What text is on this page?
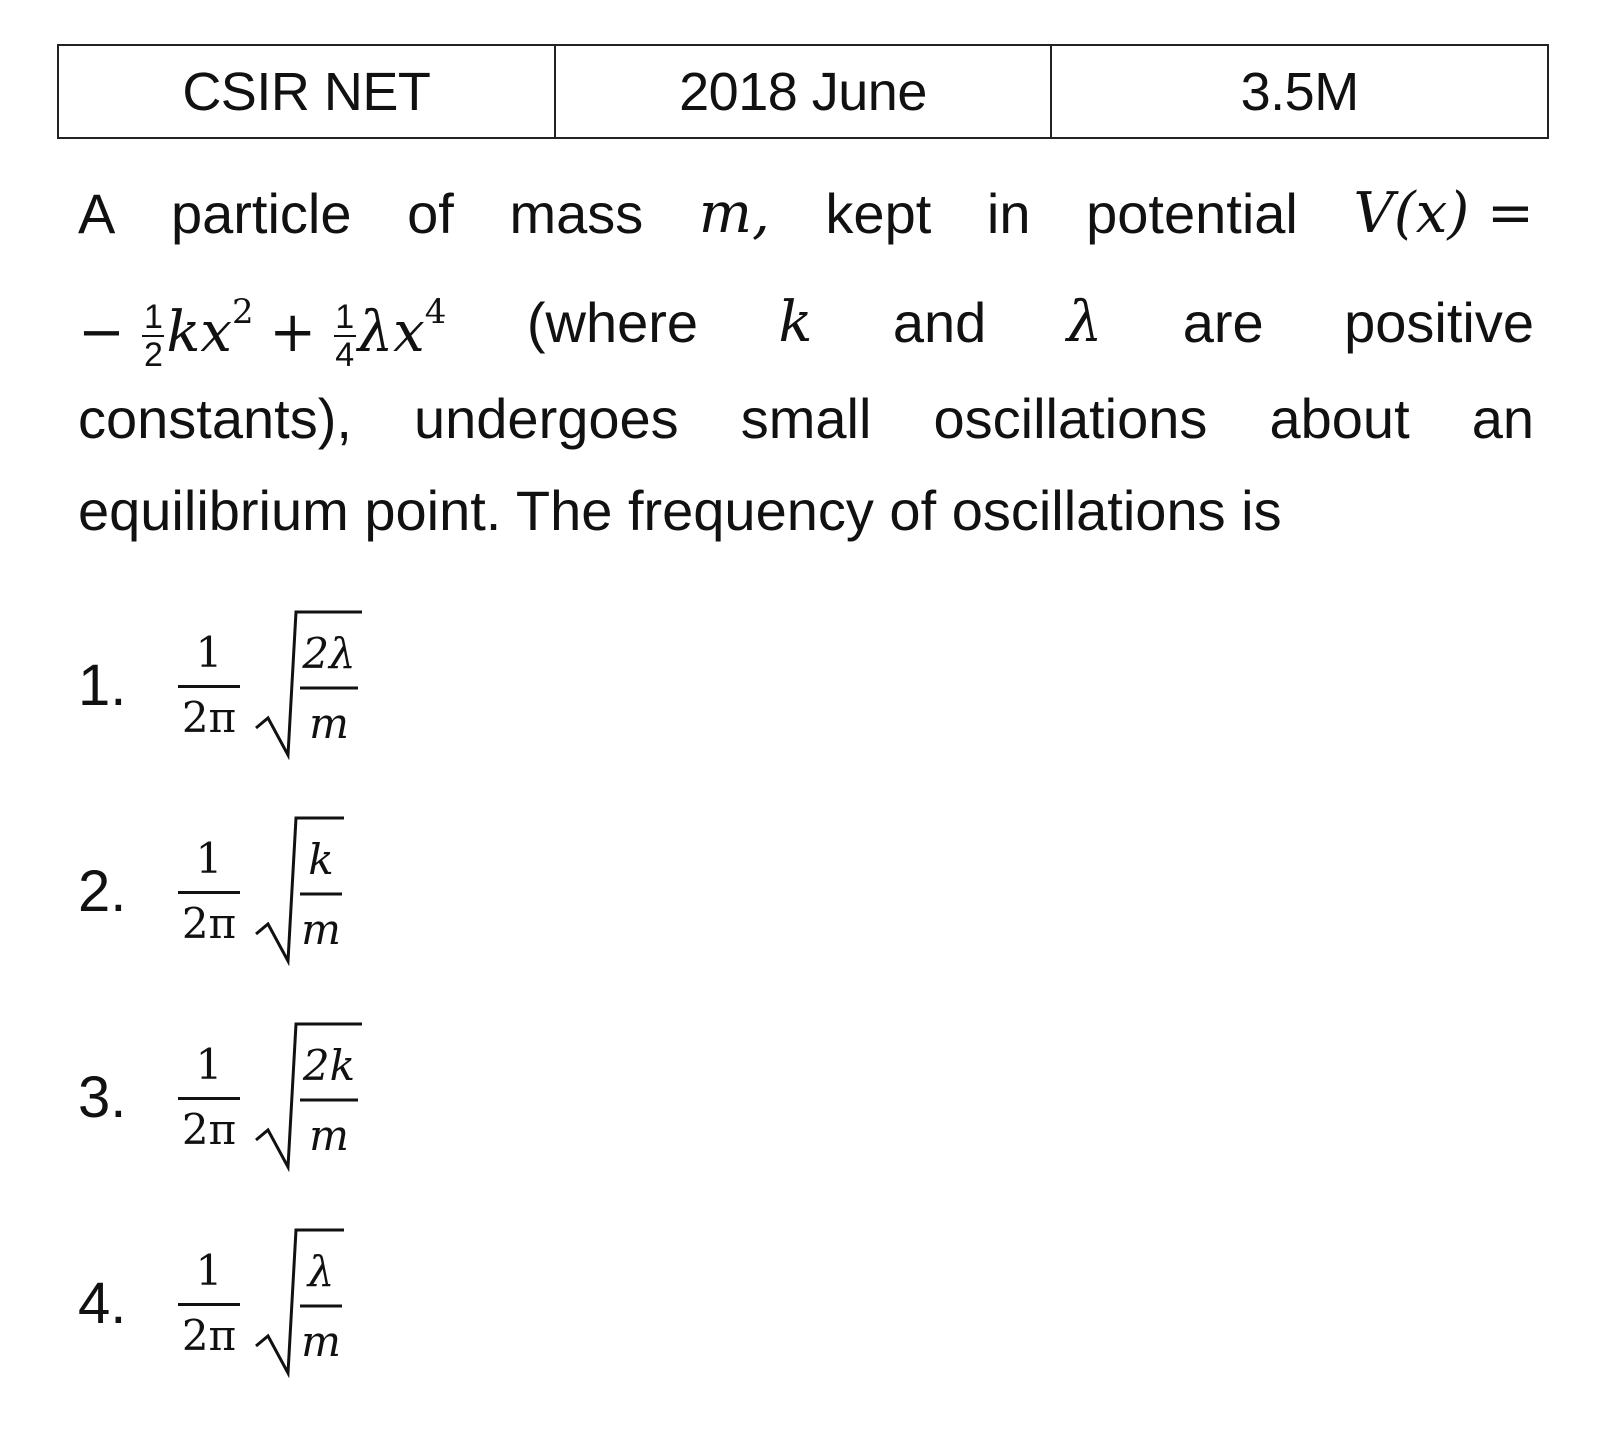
CSIR NET	2018 June	3.5M
A particle of mass m, kept in potential V(x) =
− $\frac{1}{2} kx^2 + \frac{1}{4} \lambda x^4$ (where k and λ are positive
constants), undergoes small oscillations about an
equilibrium point. The frequency of oscillations is
1.	$\frac{1}{2\pi} 2\lambda$
m
2.	$\frac{1}{2\pi}$ k
m
3.	$\frac{1}{2\pi} 2k$
m
4.	$\frac{1}{2\pi}$ λ
m
